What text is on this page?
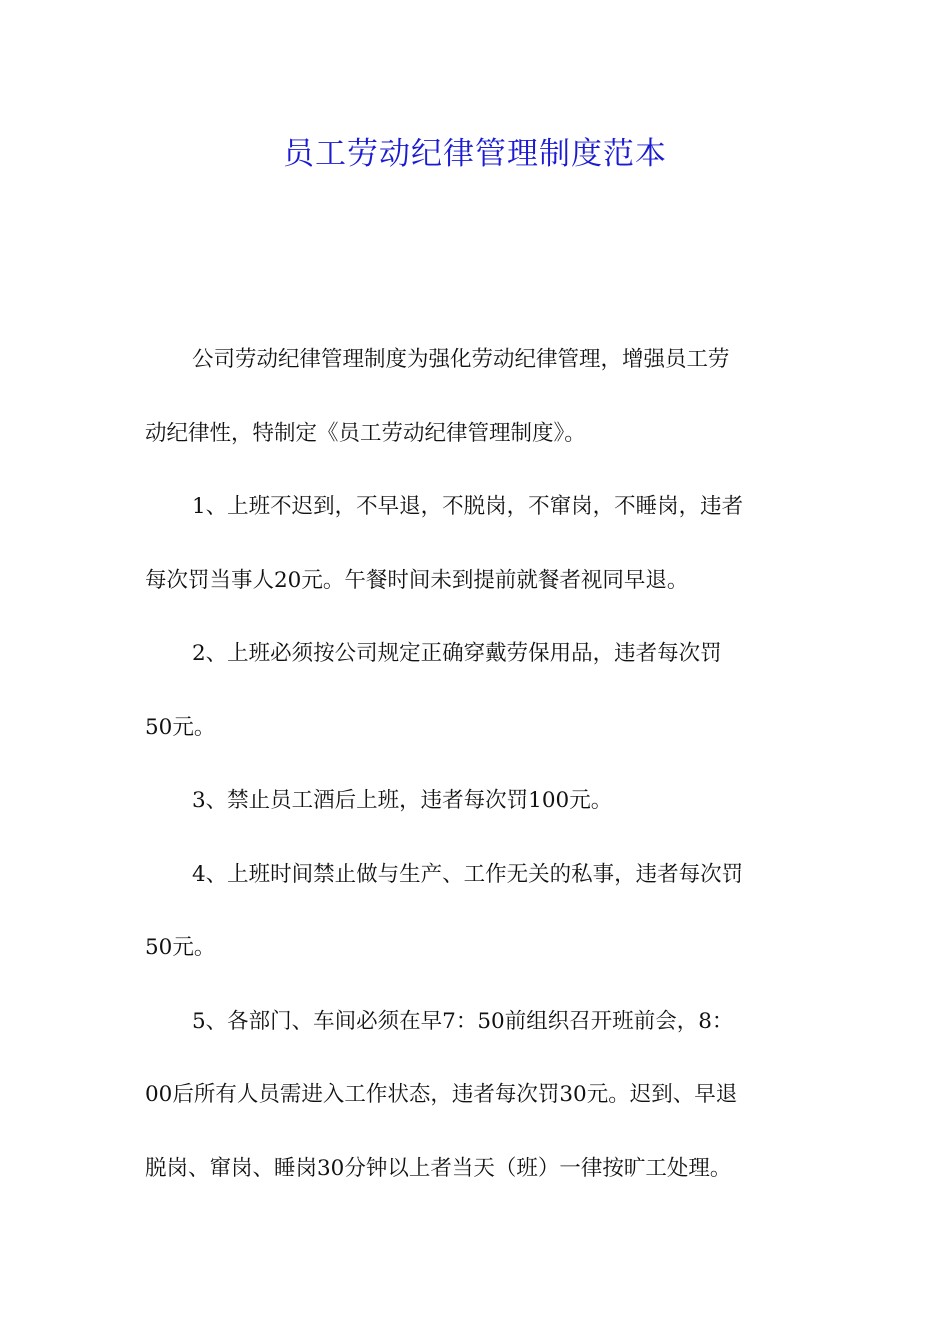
员工劳动纪律管理制度范本
公司劳动纪律管理制度为强化劳动纪律管理，增强员工劳
动纪律性，特制定《员工劳动纪律管理制度》。
1、上班不迟到，不早退，不脱岗，不窜岗，不睡岗，违者
每次罚当事人20元。午餐时间未到提前就餐者视同早退。
2、上班必须按公司规定正确穿戴劳保用品，违者每次罚
50元。
3、禁止员工酒后上班，违者每次罚100元。
4、上班时间禁止做与生产、工作无关的私事，违者每次罚
50元。
5、各部门、车间必须在早7：50前组织召开班前会，8：
00后所有人员需进入工作状态，违者每次罚30元。迟到、早退
脱岗、窜岗、睡岗30分钟以上者当天（班）一律按旷工处理。
